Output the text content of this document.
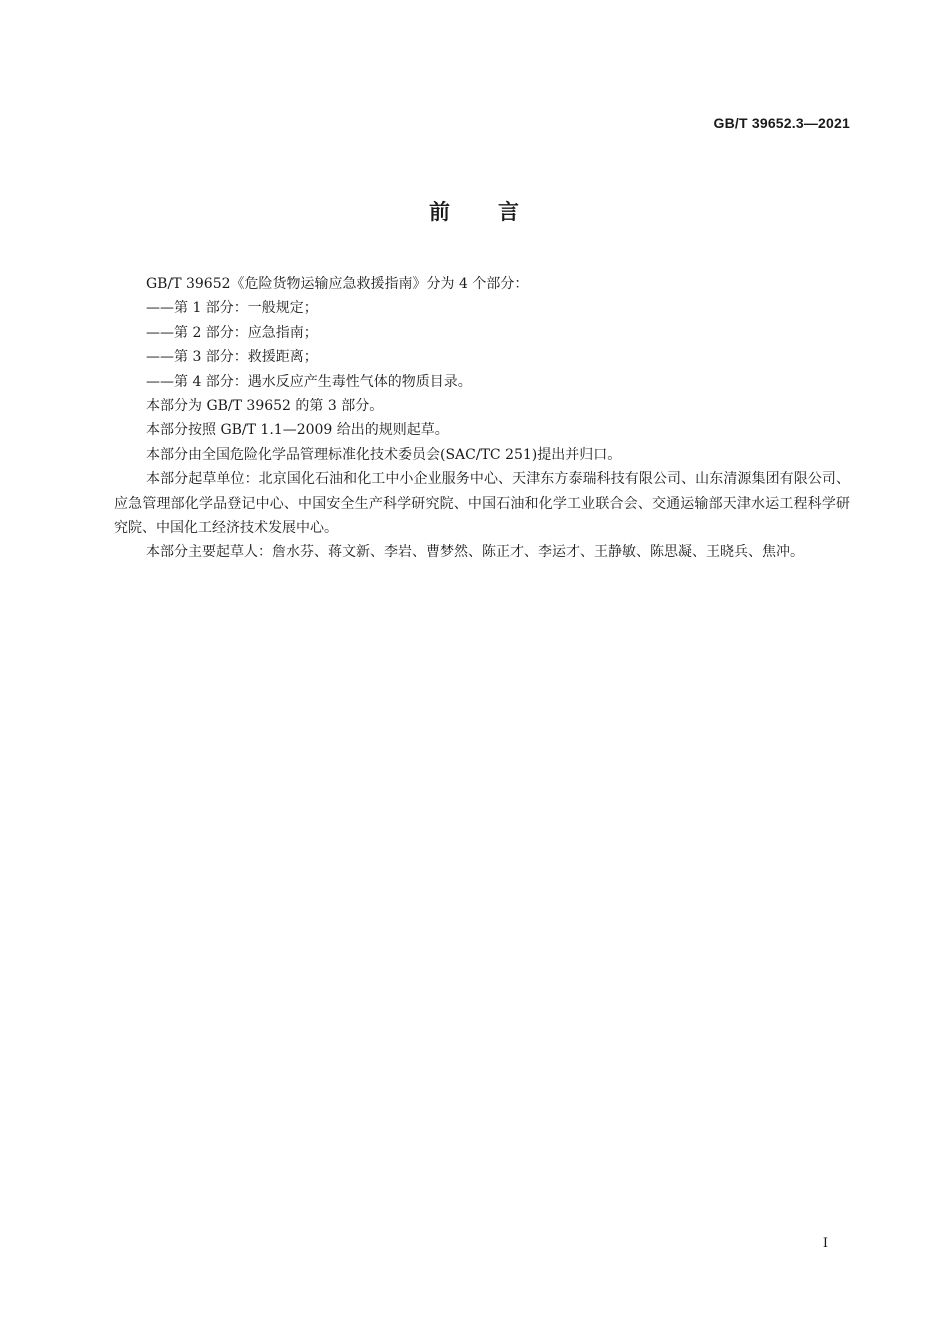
GB/T 39652.3—2021
前 言

GB/T 39652《危险货物运输应急救援指南》分为 4 个部分：

——第 1 部分：一般规定；

——第 2 部分：应急指南；

——第 3 部分：救援距离；

——第 4 部分：遇水反应产生毒性气体的物质目录。

本部分为 GB/T 39652 的第 3 部分。

本部分按照 GB/T 1.1—2009 给出的规则起草。

本部分由全国危险化学品管理标准化技术委员会(SAC/TC 251)提出并归口。

本部分起草单位：北京国化石油和化工中小企业服务中心、天津东方泰瑞科技有限公司、山东清源集团有限公司、应急管理部化学品登记中心、中国安全生产科学研究院、中国石油和化学工业联合会、交通运输部天津水运工程科学研究院、中国化工经济技术发展中心。

本部分主要起草人：詹水芬、蒋文新、李岩、曹梦然、陈正才、李运才、王静敏、陈思凝、王晓兵、焦冲。

I
